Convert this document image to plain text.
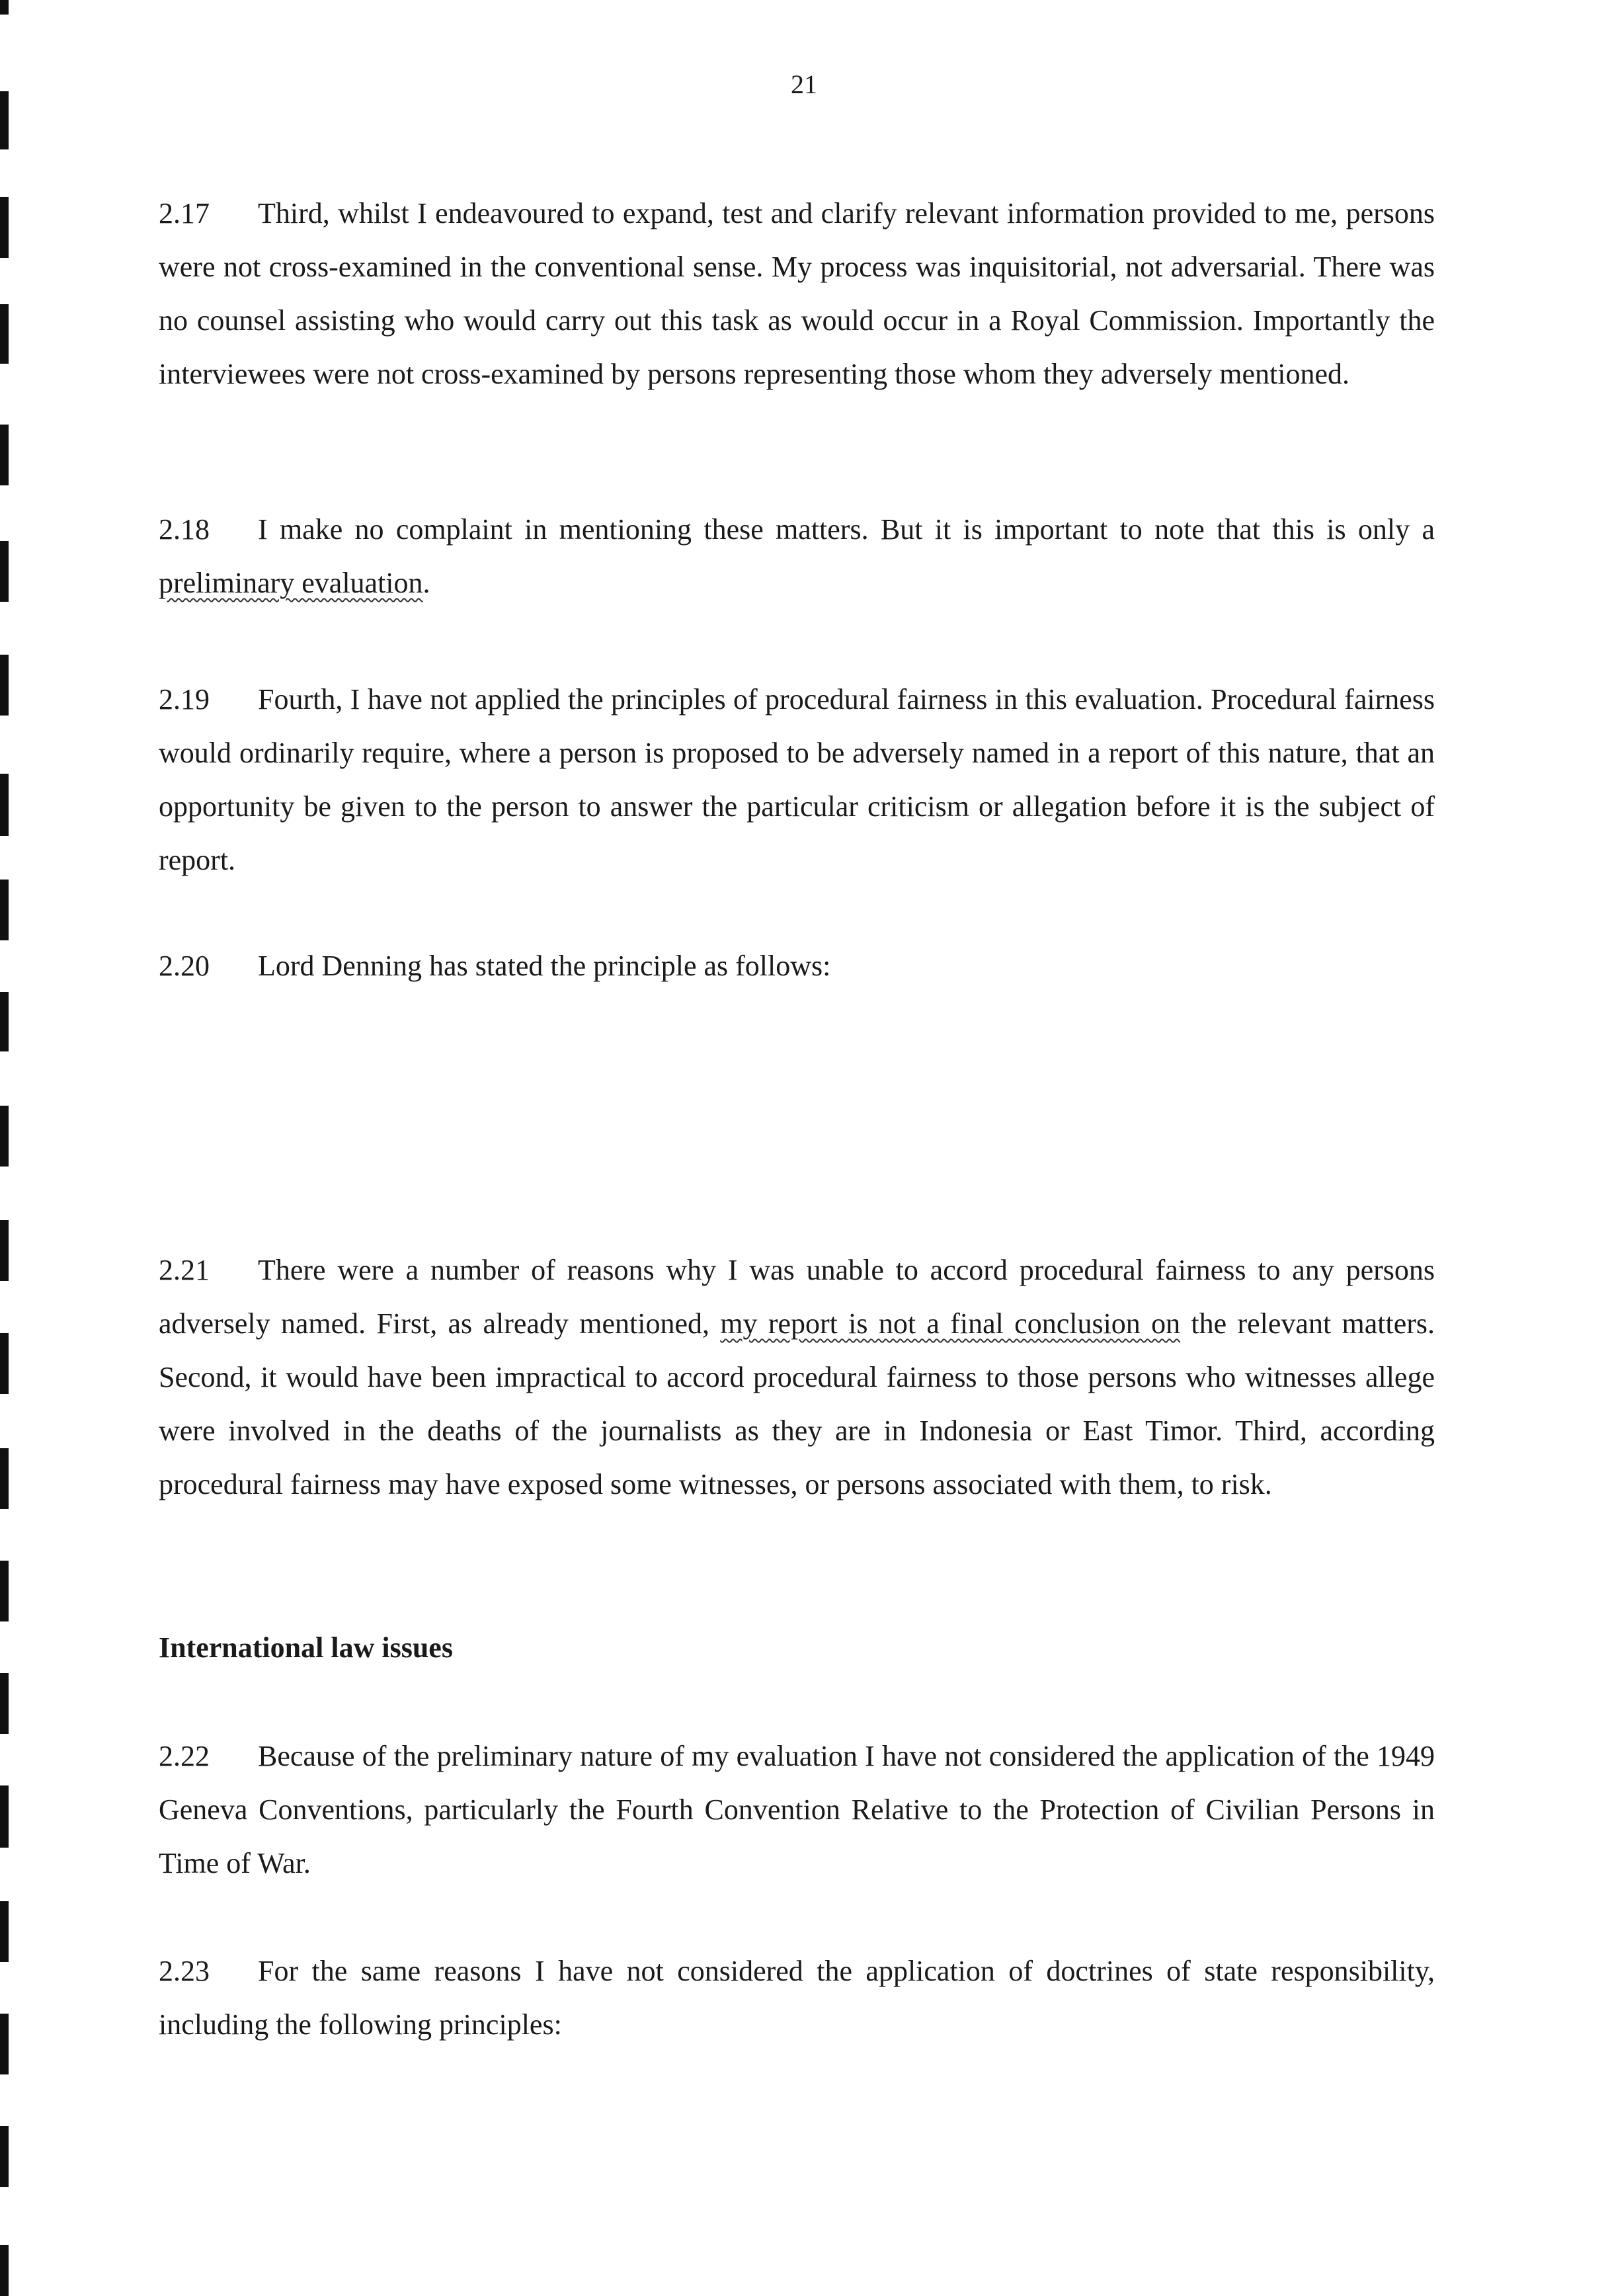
21

2.17 Third, whilst I endeavoured to expand, test and clarify relevant information provided to me, persons were not cross-examined in the conventional sense. My process was inquisitorial, not adversarial. There was no counsel assisting who would carry out this task as would occur in a Royal Commission. Importantly the interviewees were not cross-examined by persons representing those whom they adversely mentioned.

2.18 I make no complaint in mentioning these matters. But it is important to note that this is only a preliminary evaluation.

2.19 Fourth, I have not applied the principles of procedural fairness in this evaluation. Procedural fairness would ordinarily require, where a person is proposed to be adversely named in a report of this nature, that an opportunity be given to the person to answer the particular criticism or allegation before it is the subject of report.

2.20 Lord Denning has stated the principle as follows:

2.21 There were a number of reasons why I was unable to accord procedural fairness to any persons adversely named. First, as already mentioned, my report is not a final conclusion on the relevant matters. Second, it would have been impractical to accord procedural fairness to those persons who witnesses allege were involved in the deaths of the journalists as they are in Indonesia or East Timor. Third, according procedural fairness may have exposed some witnesses, or persons associated with them, to risk.

International law issues

2.22 Because of the preliminary nature of my evaluation I have not considered the application of the 1949 Geneva Conventions, particularly the Fourth Convention Relative to the Protection of Civilian Persons in Time of War.

2.23 For the same reasons I have not considered the application of doctrines of state responsibility, including the following principles:
